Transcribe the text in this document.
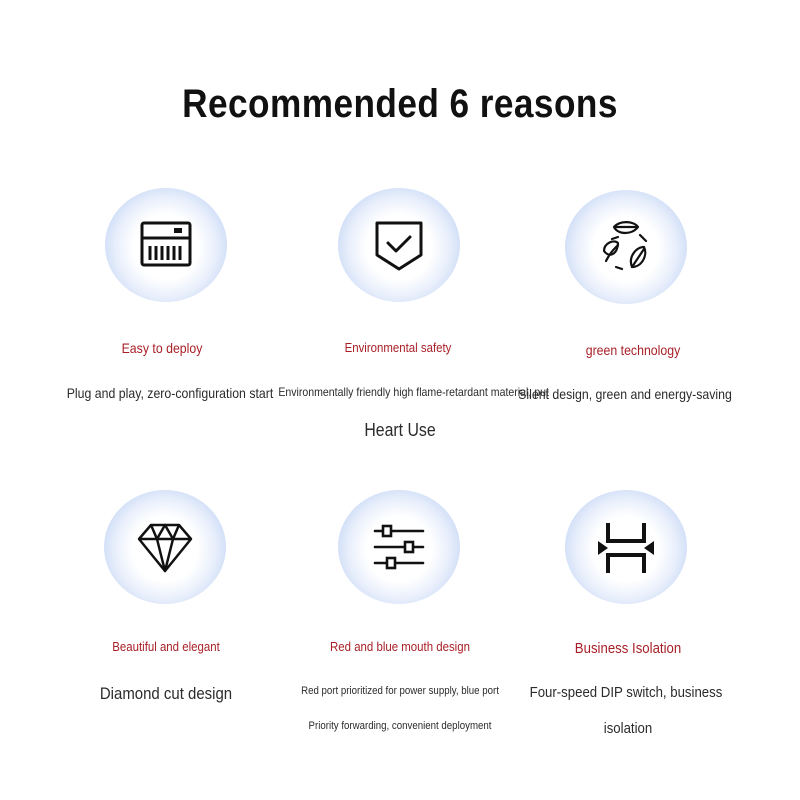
Recommended 6 reasons
Easy to deploy
Plug and play, zero-configuration start
Environmental safety
Environmentally friendly high flame-retardant material, put
Heart Use
green technology
Silent design, green and energy-saving
Beautiful and elegant
Diamond cut design
Red and blue mouth design
Red port prioritized for power supply, blue port
Priority forwarding, convenient deployment
Business Isolation
Four-speed DIP switch, business
isolation
